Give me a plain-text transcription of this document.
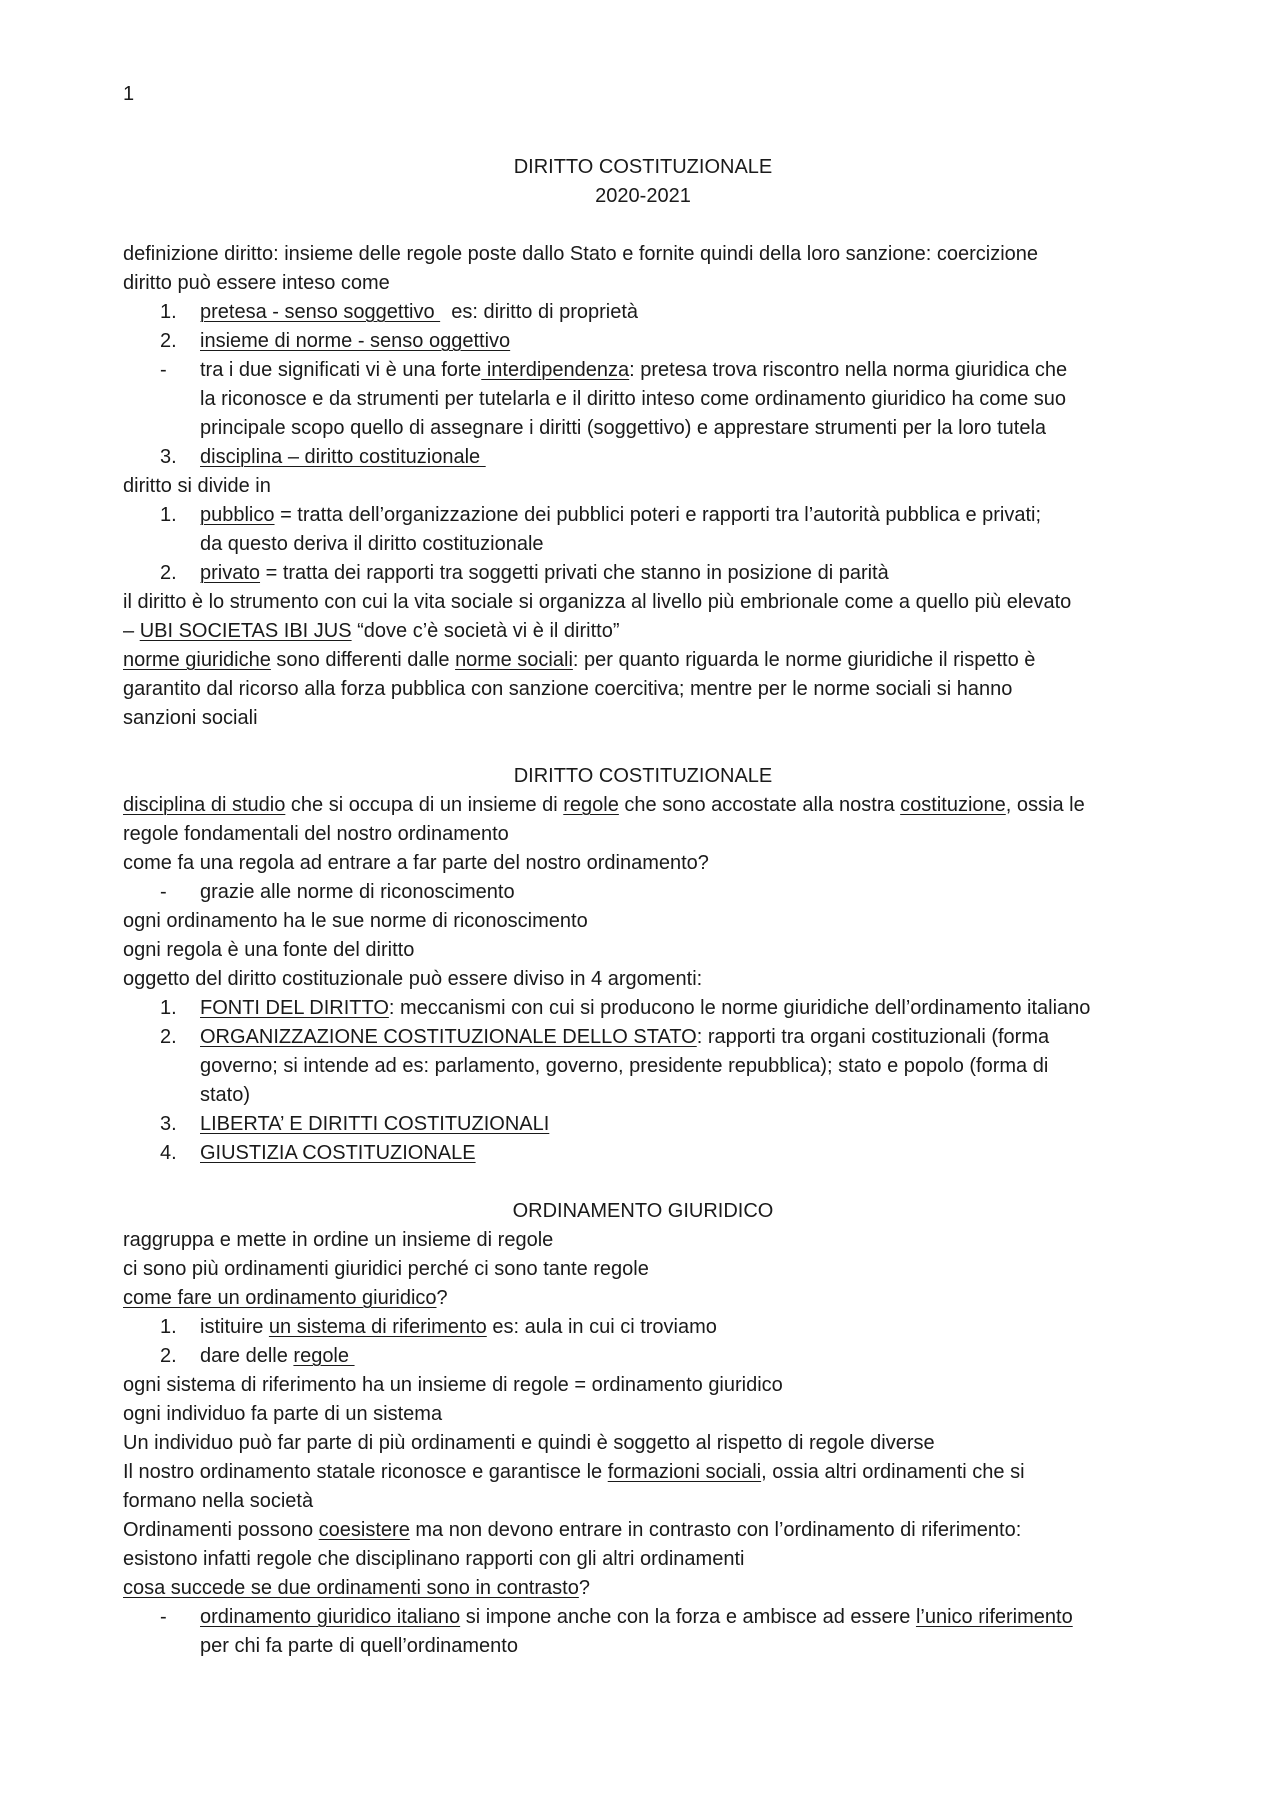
1
DIRITTO COSTITUZIONALE
2020-2021
definizione diritto: insieme delle regole poste dallo Stato e fornite quindi della loro sanzione: coercizione
diritto può essere inteso come
1.	pretesa - senso soggettivo   es: diritto di proprietà
2.	insieme di norme - senso oggettivo
-	tra i due significati vi è una forte interdipendenza: pretesa trova riscontro nella norma giuridica che
la riconosce e da strumenti per tutelarla e il diritto inteso come ordinamento giuridico ha come suo
principale scopo quello di assegnare i diritti (soggettivo) e apprestare strumenti per la loro tutela
3.	disciplina – diritto costituzionale
diritto si divide in
1.	pubblico = tratta dell’organizzazione dei pubblici poteri e rapporti tra l’autorità pubblica e privati;
da questo deriva il diritto costituzionale
2.	privato = tratta dei rapporti tra soggetti privati che stanno in posizione di parità
il diritto è lo strumento con cui la vita sociale si organizza al livello più embrionale come a quello più elevato
– UBI SOCIETAS IBI JUS “dove c’è società vi è il diritto”
norme giuridiche sono differenti dalle norme sociali: per quanto riguarda le norme giuridiche il rispetto è
garantito dal ricorso alla forza pubblica con sanzione coercitiva; mentre per le norme sociali si hanno
sanzioni sociali
DIRITTO COSTITUZIONALE
disciplina di studio che si occupa di un insieme di regole che sono accostate alla nostra costituzione, ossia le
regole fondamentali del nostro ordinamento
come fa una regola ad entrare a far parte del nostro ordinamento?
-	grazie alle norme di riconoscimento
ogni ordinamento ha le sue norme di riconoscimento
ogni regola è una fonte del diritto
oggetto del diritto costituzionale può essere diviso in 4 argomenti:
1.	FONTI DEL DIRITTO: meccanismi con cui si producono le norme giuridiche dell’ordinamento italiano
2.	ORGANIZZAZIONE COSTITUZIONALE DELLO STATO: rapporti tra organi costituzionali (forma
governo; si intende ad es: parlamento, governo, presidente repubblica); stato e popolo (forma di
stato)
3.	LIBERTA’ E DIRITTI COSTITUZIONALI
4.	GIUSTIZIA COSTITUZIONALE
ORDINAMENTO GIURIDICO
raggruppa e mette in ordine un insieme di regole
ci sono più ordinamenti giuridici perché ci sono tante regole
come fare un ordinamento giuridico?
1.	istituire un sistema di riferimento es: aula in cui ci troviamo
2.	dare delle regole
ogni sistema di riferimento ha un insieme di regole = ordinamento giuridico
ogni individuo fa parte di un sistema
Un individuo può far parte di più ordinamenti e quindi è soggetto al rispetto di regole diverse
Il nostro ordinamento statale riconosce e garantisce le formazioni sociali, ossia altri ordinamenti che si
formano nella società
Ordinamenti possono coesistere ma non devono entrare in contrasto con l’ordinamento di riferimento:
esistono infatti regole che disciplinano rapporti con gli altri ordinamenti
cosa succede se due ordinamenti sono in contrasto?
-	ordinamento giuridico italiano si impone anche con la forza e ambisce ad essere l’unico riferimento
per chi fa parte di quell’ordinamento
